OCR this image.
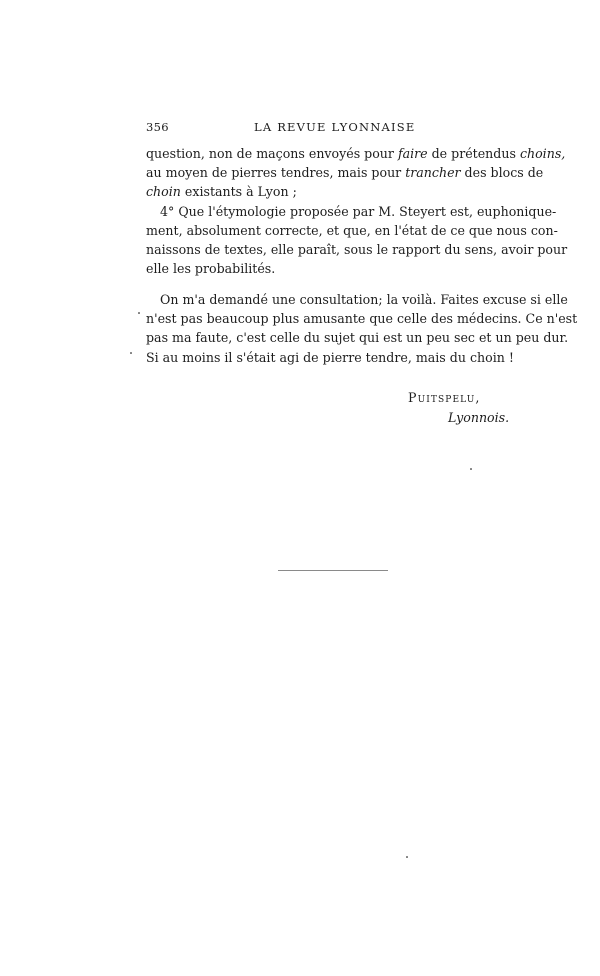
356	LA REVUE LYONNAISE
question, non de maçons envoyés pour faire de prétendus choins,
au moyen de pierres tendres, mais pour trancher des blocs de
choin existants à Lyon ;
4° Que l'étymologie proposée par M. Steyert est, euphonique-
ment, absolument correcte, et que, en l'état de ce que nous con-
naissons de textes, elle paraît, sous le rapport du sens, avoir pour
elle les probabilités.
On m'a demandé une consultation; la voilà. Faites excuse si elle
n'est pas beaucoup plus amusante que celle des médecins. Ce n'est
pas ma faute, c'est celle du sujet qui est un peu sec et un peu dur.
Si au moins il s'était agi de pierre tendre, mais du choin !
Puitspelu,
Lyonnois.
